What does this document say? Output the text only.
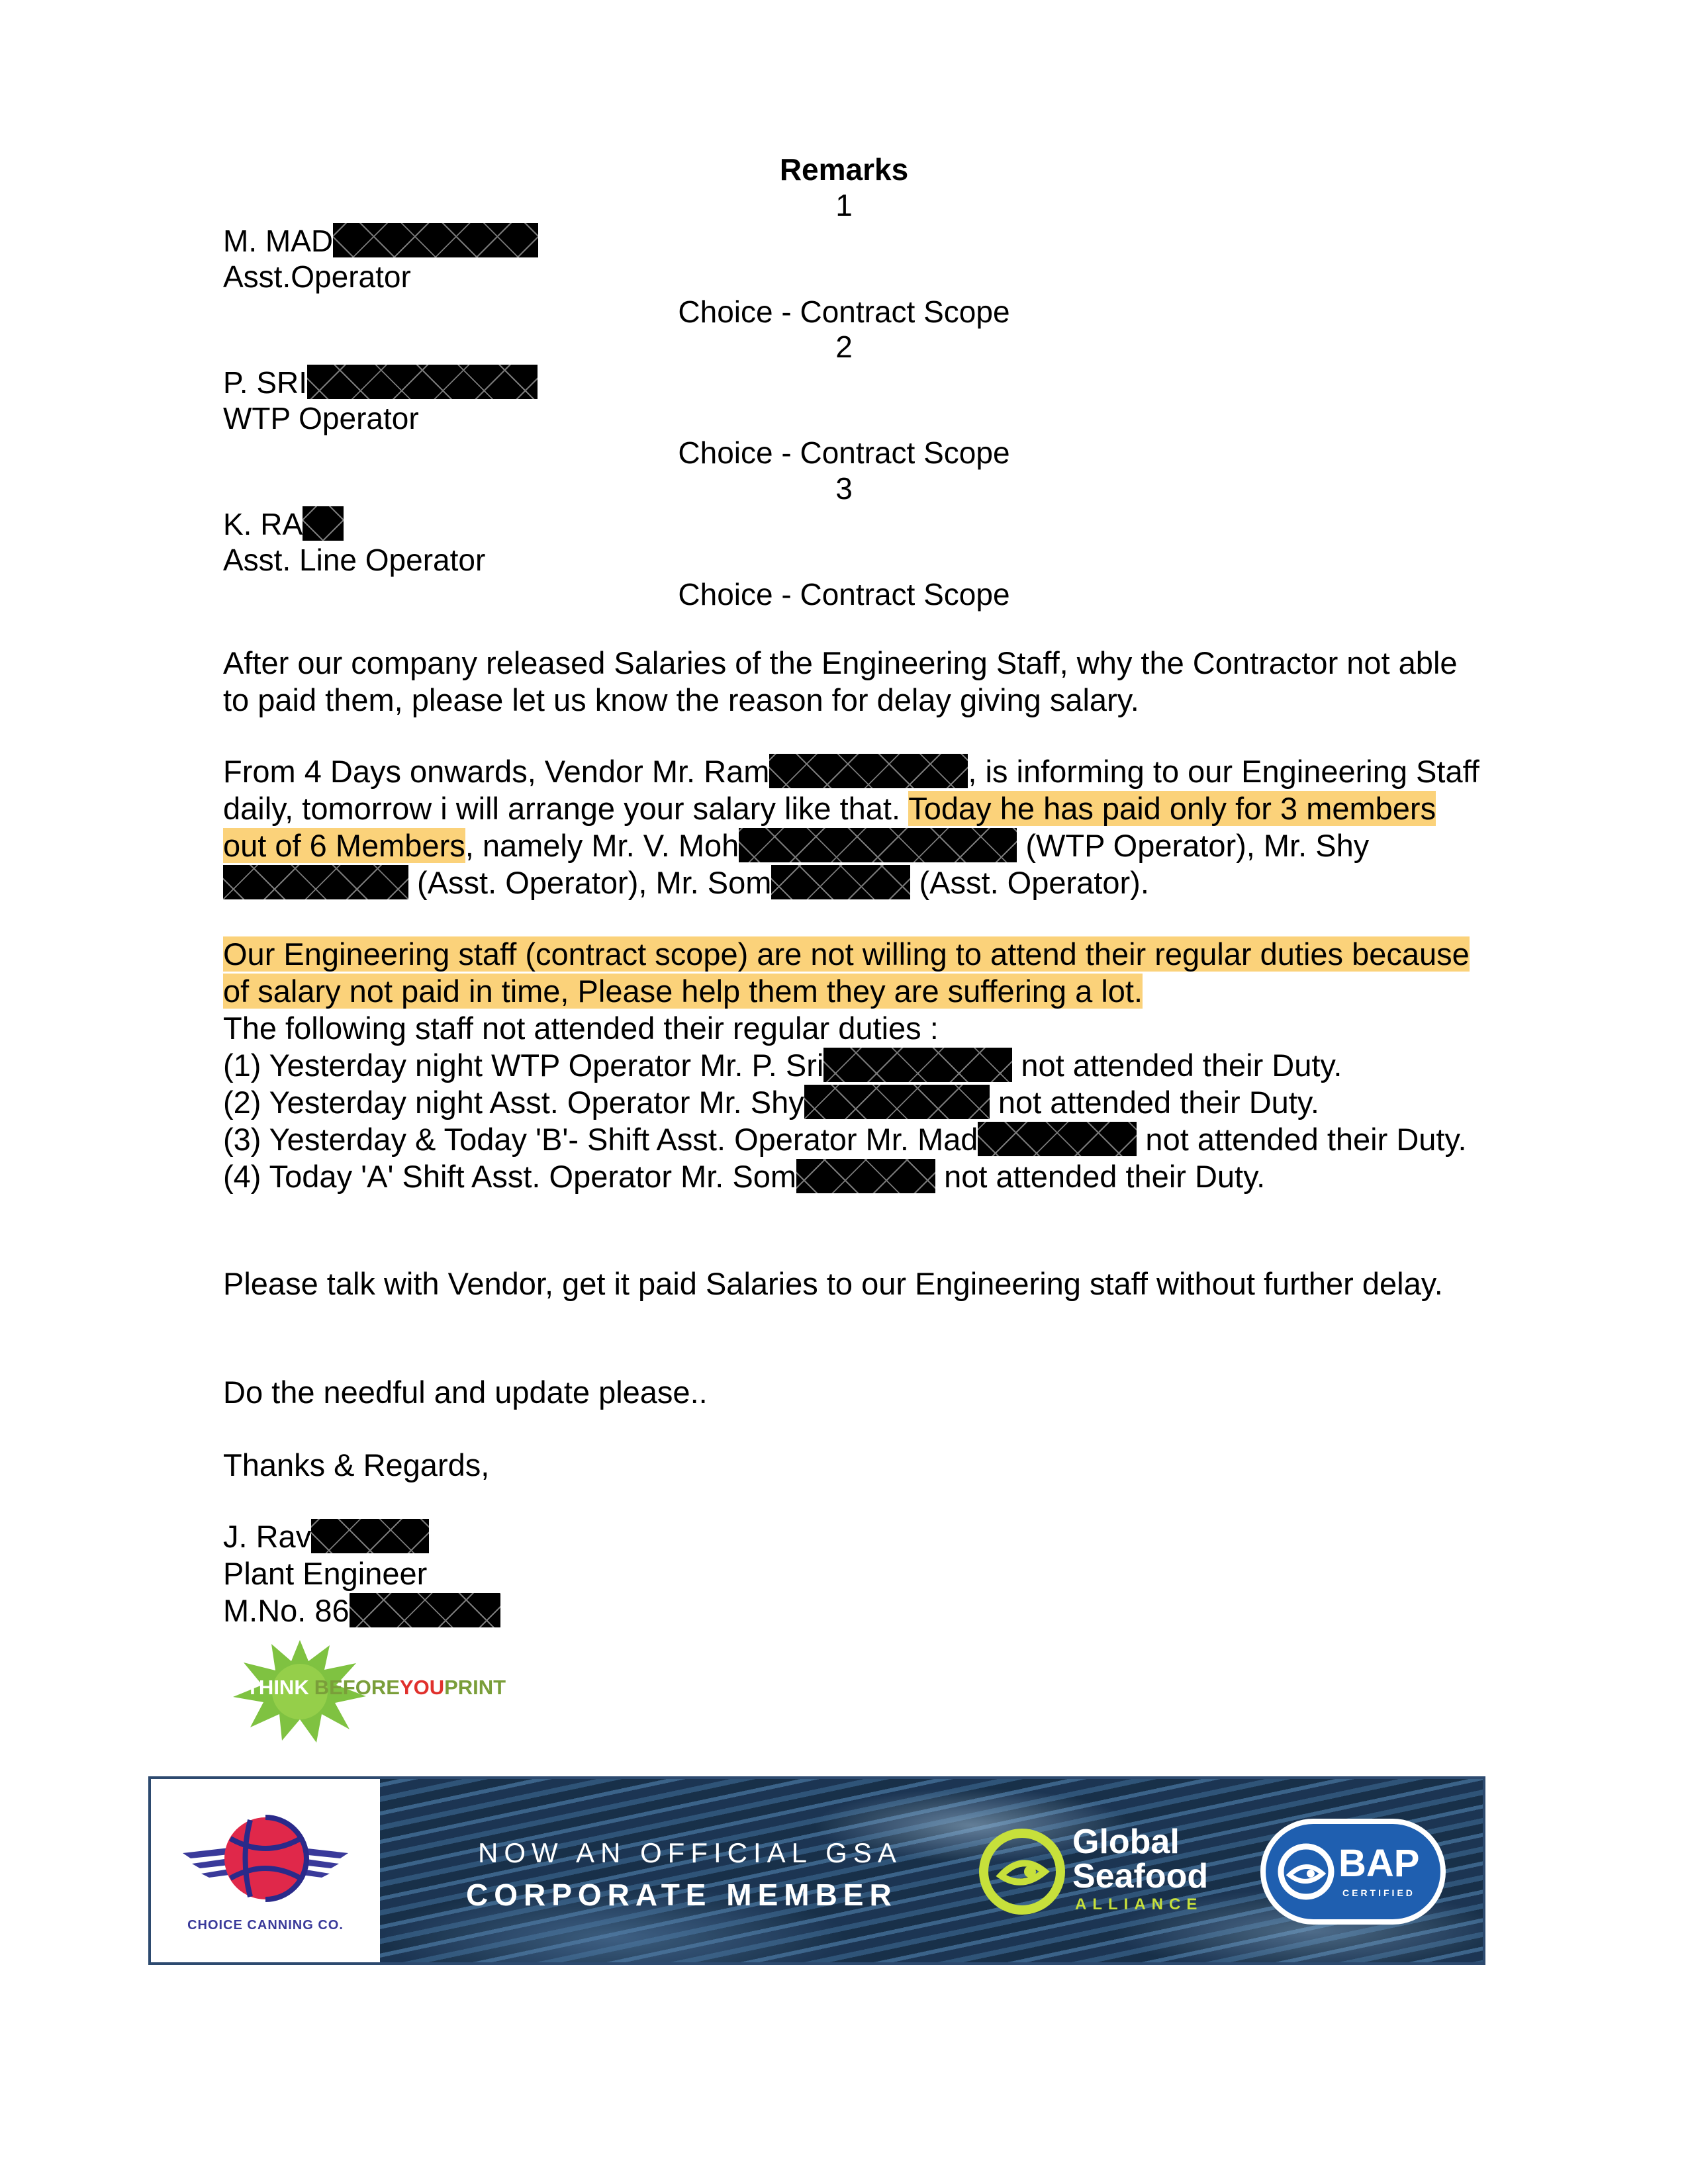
Remarks
1
M. MAD
Asst.Operator
Choice - Contract Scope
2
P. SRI
WTP Operator
Choice - Contract Scope
3
K. RA
Asst. Line Operator
Choice - Contract Scope

After our company released Salaries of the Engineering Staff, why the Contractor not able to paid them, please let us know the reason for delay giving salary.

From 4 Days onwards, Vendor Mr. Ram	, is informing to our Engineering Staff daily, tomorrow i will arrange your salary like that. Today he has paid only for 3 members out of 6 Members, namely Mr. V. Moh	(WTP Operator), Mr. Shy (Asst. Operator), Mr. Som	(Asst. Operator).

Our Engineering staff (contract scope) are not willing to attend their regular duties because of salary not paid in time, Please help them they are suffering a lot.

The following staff not attended their regular duties :

(1) Yesterday night WTP Operator Mr. P. Sri	not attended their Duty.

(2) Yesterday night Asst. Operator Mr. Shy	not attended their Duty.

(3) Yesterday & Today 'B'- Shift Asst. Operator Mr. Mad	not attended their Duty.

(4) Today 'A' Shift Asst. Operator Mr. Som	not attended their Duty.

Please talk with Vendor, get it paid Salaries to our Engineering staff without further delay.

Do the needful and update please..

Thanks & Regards,

J. Rav

Plant Engineer

M.No. 86

THINK BEFOREYOUPRINT
CHOICE CANNING CO.
NOW AN OFFICIAL GSA
CORPORATE MEMBER
Global
Seafood
ALLIANCE
BAP
CERTIFIED
